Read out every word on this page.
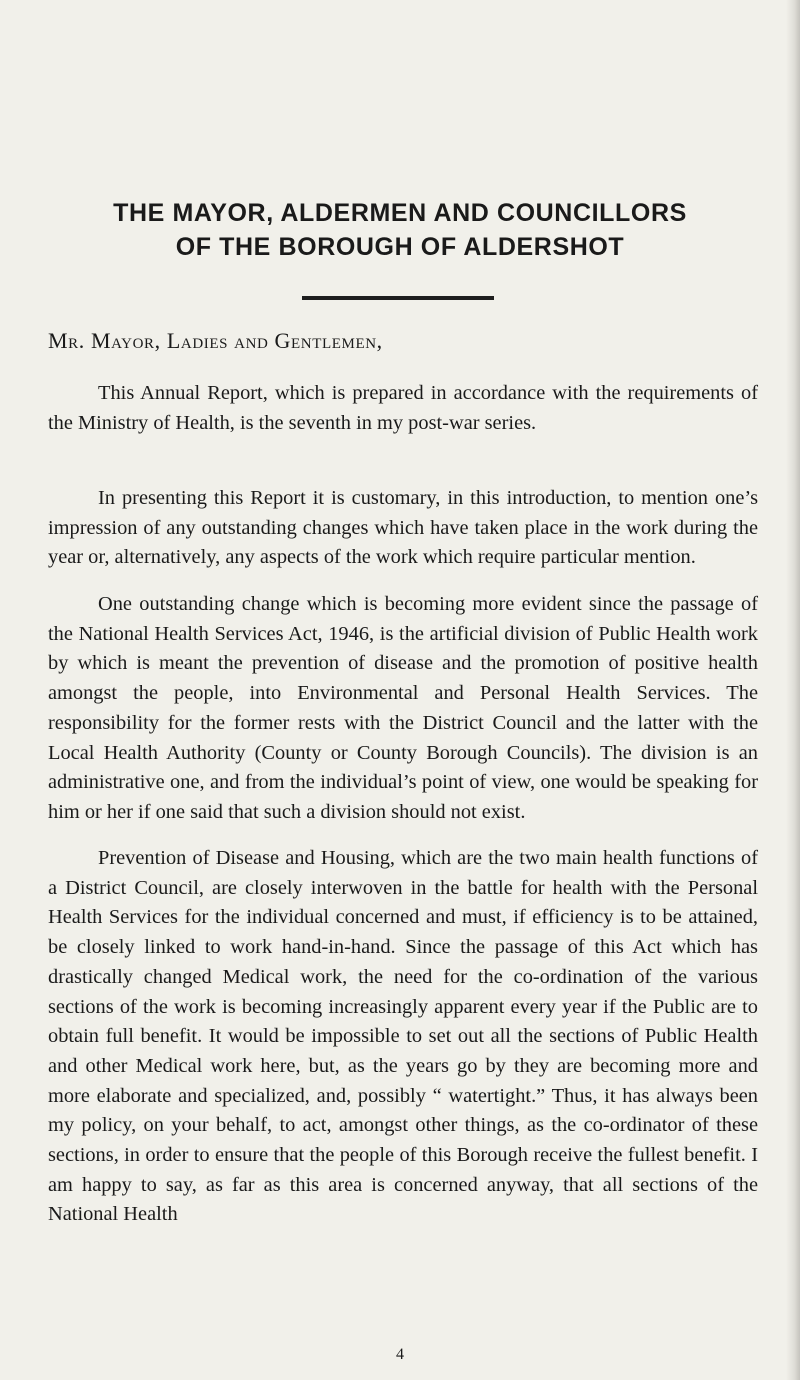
THE MAYOR, ALDERMEN AND COUNCILLORS
OF THE BOROUGH OF ALDERSHOT
Mr. Mayor, Ladies and Gentlemen,

This Annual Report, which is prepared in accordance with the requirements of the Ministry of Health, is the seventh in my post-war series.

In presenting this Report it is customary, in this introduction, to mention one’s impression of any outstanding changes which have taken place in the work during the year or, alternatively, any aspects of the work which require particular mention.

One outstanding change which is becoming more evident since the passage of the National Health Services Act, 1946, is the artificial division of Public Health work by which is meant the prevention of disease and the promotion of positive health amongst the people, into Environmental and Personal Health Services. The responsibility for the former rests with the District Council and the latter with the Local Health Authority (County or County Borough Councils). The division is an administrative one, and from the individual’s point of view, one would be speaking for him or her if one said that such a division should not exist.

Prevention of Disease and Housing, which are the two main health functions of a District Council, are closely interwoven in the battle for health with the Personal Health Services for the individual concerned and must, if efficiency is to be attained, be closely linked to work hand-in-hand. Since the passage of this Act which has drastically changed Medical work, the need for the co-ordination of the various sections of the work is becoming increasingly apparent every year if the Public are to obtain full benefit. It would be impossible to set out all the sections of Public Health and other Medical work here, but, as the years go by they are becoming more and more elaborate and specialized, and, possibly “ watertight.” Thus, it has always been my policy, on your behalf, to act, amongst other things, as the co-ordinator of these sections, in order to ensure that the people of this Borough receive the fullest benefit. I am happy to say, as far as this area is concerned anyway, that all sections of the National Health

4
